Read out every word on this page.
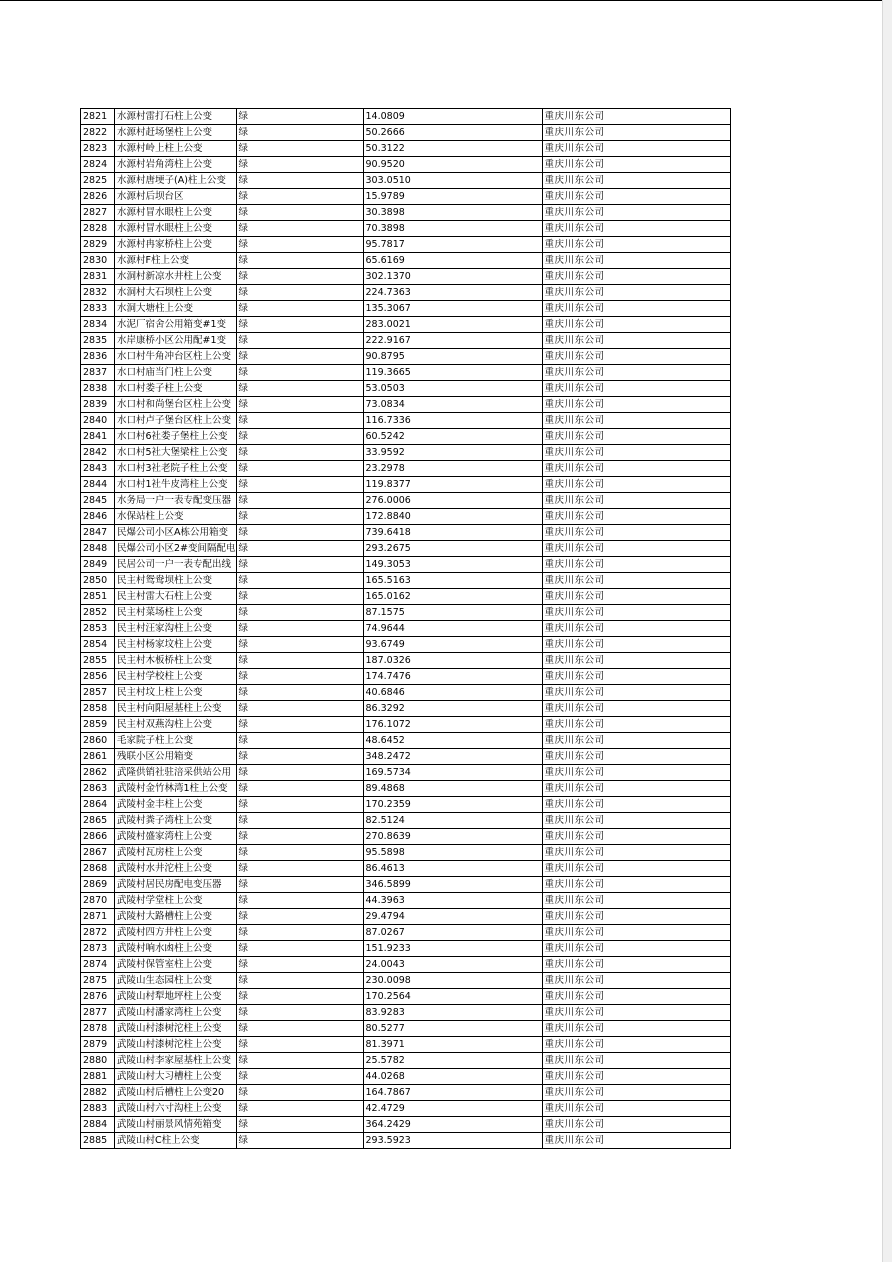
2821	水源村雷打石柱上公变	绿	14.0809	重庆川东公司
2822	水源村赶场堡柱上公变	绿	50.2666	重庆川东公司
2823	水源村岭上柱上公变	绿	50.3122	重庆川东公司
2824	水源村岩角湾柱上公变	绿	90.9520	重庆川东公司
2825	水源村唐埂子(A)柱上公变	绿	303.0510	重庆川东公司
2826	水源村后坝台区	绿	15.9789	重庆川东公司
2827	水源村冒水眼柱上公变	绿	30.3898	重庆川东公司
2828	水源村冒水眼柱上公变	绿	70.3898	重庆川东公司
2829	水源村冉家桥柱上公变	绿	95.7817	重庆川东公司
2830	水源村F柱上公变	绿	65.6169	重庆川东公司
2831	水洞村新凉水井柱上公变	绿	302.1370	重庆川东公司
2832	水洞村大石坝柱上公变	绿	224.7363	重庆川东公司
2833	水洞大塘柱上公变	绿	135.3067	重庆川东公司
2834	水泥厂宿舍公用箱变#1变	绿	283.0021	重庆川东公司
2835	水岸康桥小区公用配#1变	绿	222.9167	重庆川东公司
2836	水口村牛角冲台区柱上公变	绿	90.8795	重庆川东公司
2837	水口村庙当门柱上公变	绿	119.3665	重庆川东公司
2838	水口村娄子柱上公变	绿	53.0503	重庆川东公司
2839	水口村和尚堡台区柱上公变	绿	73.0834	重庆川东公司
2840	水口村卢子堡台区柱上公变	绿	116.7336	重庆川东公司
2841	水口村6社娄子堡柱上公变	绿	60.5242	重庆川东公司
2842	水口村5社大堡梁柱上公变	绿	33.9592	重庆川东公司
2843	水口村3社老院子柱上公变	绿	23.2978	重庆川东公司
2844	水口村1社牛皮湾柱上公变	绿	119.8377	重庆川东公司
2845	水务局一户一表专配变压器	绿	276.0006	重庆川东公司
2846	水保站柱上公变	绿	172.8840	重庆川东公司
2847	民爆公司小区A栋公用箱变	绿	739.6418	重庆川东公司
2848	民爆公司小区2#变间隔配电	绿	293.2675	重庆川东公司
2849	民居公司一户一表专配出线	绿	149.3053	重庆川东公司
2850	民主村鸳鸯坝柱上公变	绿	165.5163	重庆川东公司
2851	民主村雷大石柱上公变	绿	165.0162	重庆川东公司
2852	民主村菜场柱上公变	绿	87.1575	重庆川东公司
2853	民主村汪家沟柱上公变	绿	74.9644	重庆川东公司
2854	民主村杨家坟柱上公变	绿	93.6749	重庆川东公司
2855	民主村木板桥柱上公变	绿	187.0326	重庆川东公司
2856	民主村学校柱上公变	绿	174.7476	重庆川东公司
2857	民主村坟上柱上公变	绿	40.6846	重庆川东公司
2858	民主村向阳屋基柱上公变	绿	86.3292	重庆川东公司
2859	民主村双燕沟柱上公变	绿	176.1072	重庆川东公司
2860	毛家院子柱上公变	绿	48.6452	重庆川东公司
2861	残联小区公用箱变	绿	348.2472	重庆川东公司
2862	武隆供销社驻涪采供站公用	绿	169.5734	重庆川东公司
2863	武陵村金竹林湾1柱上公变	绿	89.4868	重庆川东公司
2864	武陵村金丰柱上公变	绿	170.2359	重庆川东公司
2865	武陵村粪子湾柱上公变	绿	82.5124	重庆川东公司
2866	武陵村盛家湾柱上公变	绿	270.8639	重庆川东公司
2867	武陵村瓦房柱上公变	绿	95.5898	重庆川东公司
2868	武陵村水井沱柱上公变	绿	86.4613	重庆川东公司
2869	武陵村居民房配电变压器	绿	346.5899	重庆川东公司
2870	武陵村学堂柱上公变	绿	44.3963	重庆川东公司
2871	武陵村大路槽柱上公变	绿	29.4794	重庆川东公司
2872	武陵村四方井柱上公变	绿	87.0267	重庆川东公司
2873	武陵村响水凼柱上公变	绿	151.9233	重庆川东公司
2874	武陵村保管室柱上公变	绿	24.0043	重庆川东公司
2875	武陵山生态园柱上公变	绿	230.0098	重庆川东公司
2876	武陵山村犁地坪柱上公变	绿	170.2564	重庆川东公司
2877	武陵山村潘家湾柱上公变	绿	83.9283	重庆川东公司
2878	武陵山村漆树沱柱上公变	绿	80.5277	重庆川东公司
2879	武陵山村漆树沱柱上公变	绿	81.3971	重庆川东公司
2880	武陵山村李家屋基柱上公变	绿	25.5782	重庆川东公司
2881	武陵山村大习槽柱上公变	绿	44.0268	重庆川东公司
2882	武陵山村后槽柱上公变20	绿	164.7867	重庆川东公司
2883	武陵山村六寸沟柱上公变	绿	42.4729	重庆川东公司
2884	武陵山村丽景风情苑箱变	绿	364.2429	重庆川东公司
2885	武陵山村C柱上公变	绿	293.5923	重庆川东公司
